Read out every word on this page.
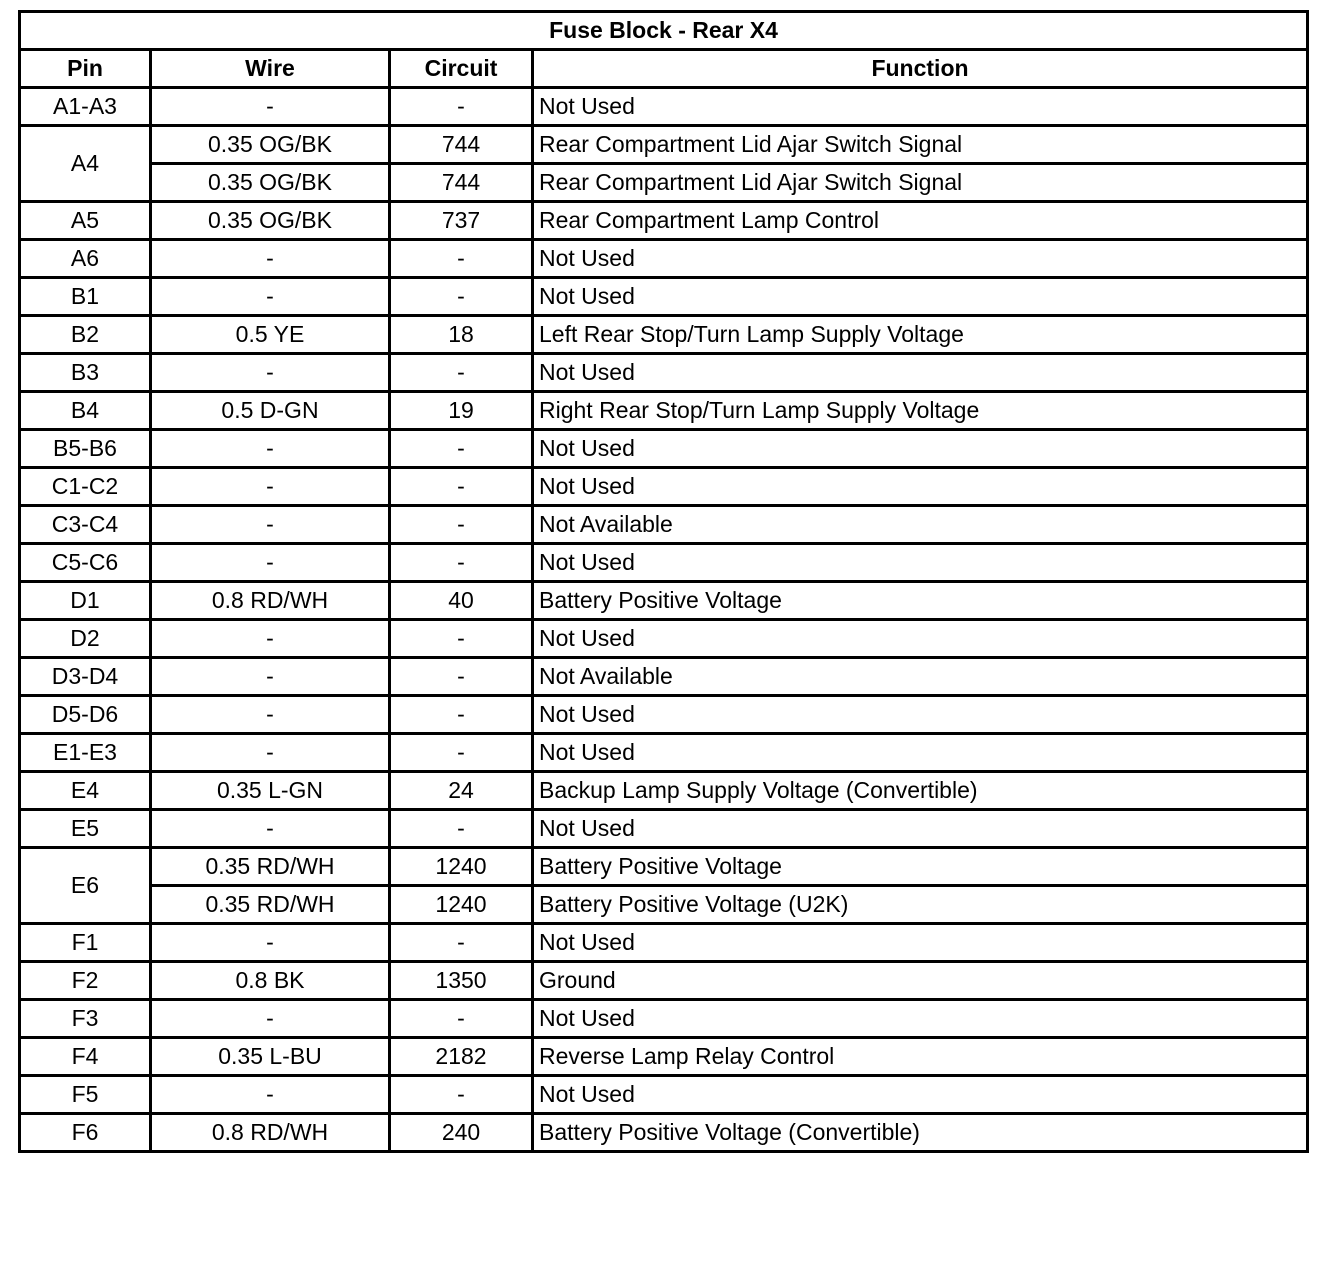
Fuse Block - Rear X4			
Pin	Wire	Circuit	Function
A1-A3	-	-	Not Used
A4	0.35 OG/BK	744	Rear Compartment Lid Ajar Switch Signal
	0.35 OG/BK	744	Rear Compartment Lid Ajar Switch Signal
A5	0.35 OG/BK	737	Rear Compartment Lamp Control
A6	-	-	Not Used
B1	-	-	Not Used
B2	0.5 YE	18	Left Rear Stop/Turn Lamp Supply Voltage
B3	-	-	Not Used
B4	0.5 D-GN	19	Right Rear Stop/Turn Lamp Supply Voltage
B5-B6	-	-	Not Used
C1-C2	-	-	Not Used
C3-C4	-	-	Not Available
C5-C6	-	-	Not Used
D1	0.8 RD/WH	40	Battery Positive Voltage
D2	-	-	Not Used
D3-D4	-	-	Not Available
D5-D6	-	-	Not Used
E1-E3	-	-	Not Used
E4	0.35 L-GN	24	Backup Lamp Supply Voltage (Convertible)
E5	-	-	Not Used
E6	0.35 RD/WH	1240	Battery Positive Voltage
	0.35 RD/WH	1240	Battery Positive Voltage (U2K)
F1	-	-	Not Used
F2	0.8 BK	1350	Ground
F3	-	-	Not Used
F4	0.35 L-BU	2182	Reverse Lamp Relay Control
F5	-	-	Not Used
F6	0.8 RD/WH	240	Battery Positive Voltage (Convertible)
